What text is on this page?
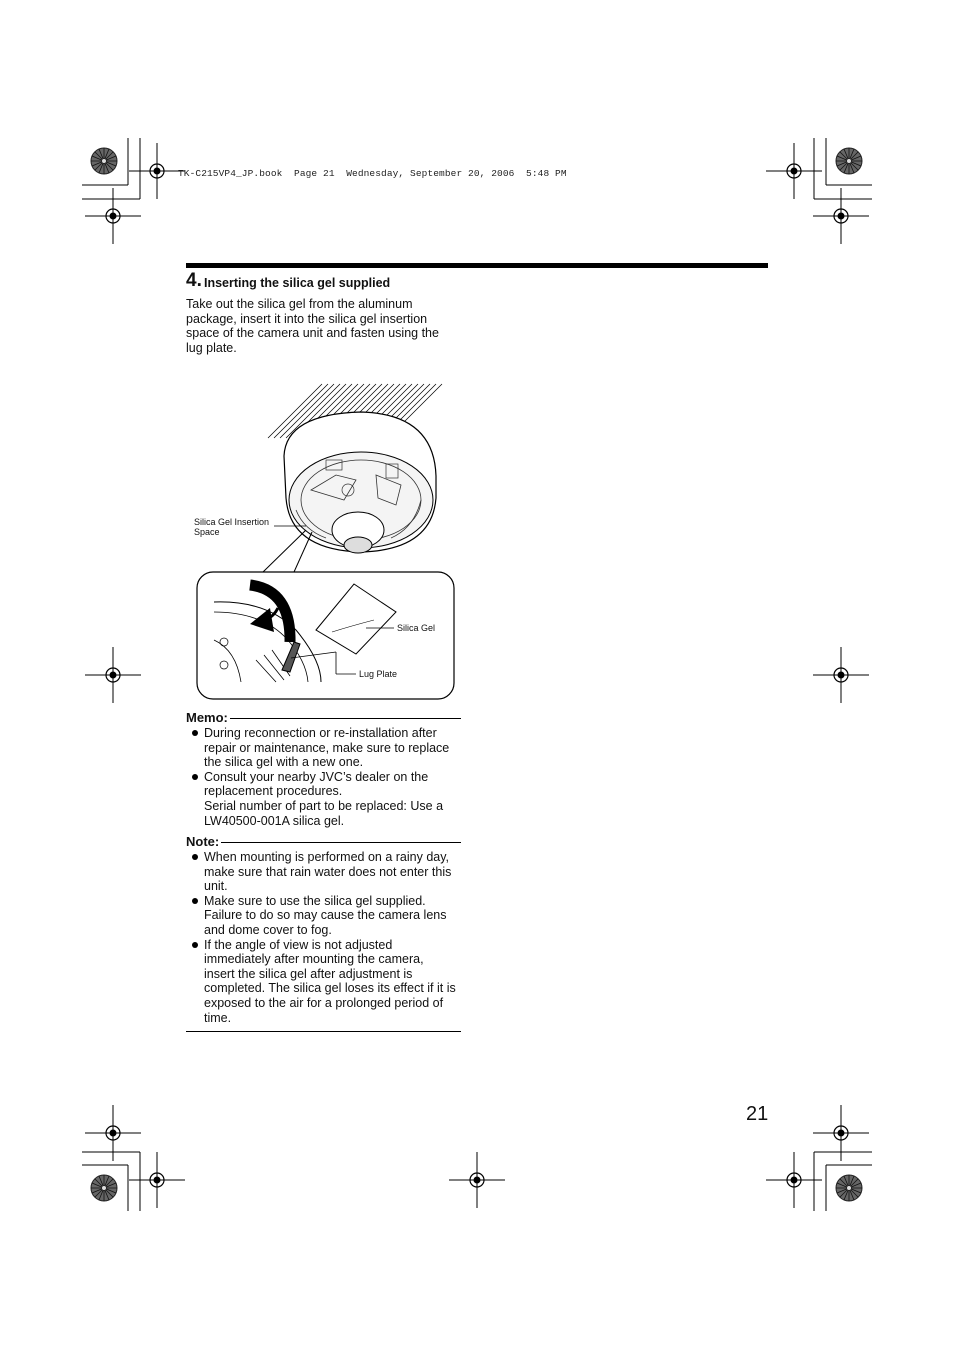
TK-C215VP4_JP.book  Page 21  Wednesday, September 20, 2006  5:48 PM
4. Inserting the silica gel supplied
Take out the silica gel from the aluminum
package, insert it into the silica gel insertion
space of the camera unit and fasten using the
lug plate.
Silica Gel Insertion
Space
Silica Gel
Lug Plate
Memo:
During reconnection or re-installation after
repair or maintenance, make sure to replace
the silica gel with a new one.
Consult your nearby JVC’s dealer on the
replacement procedures.
Serial number of part to be replaced: Use a
LW40500-001A silica gel.
Note:
When mounting is performed on a rainy day,
make sure that rain water does not enter this
unit.
Make sure to use the silica gel supplied.
Failure to do so may cause the camera lens
and dome cover to fog.
If the angle of view is not adjusted
immediately after mounting the camera,
insert the silica gel after adjustment is
completed. The silica gel loses its effect if it is
exposed to the air for a prolonged period of
time.
21
